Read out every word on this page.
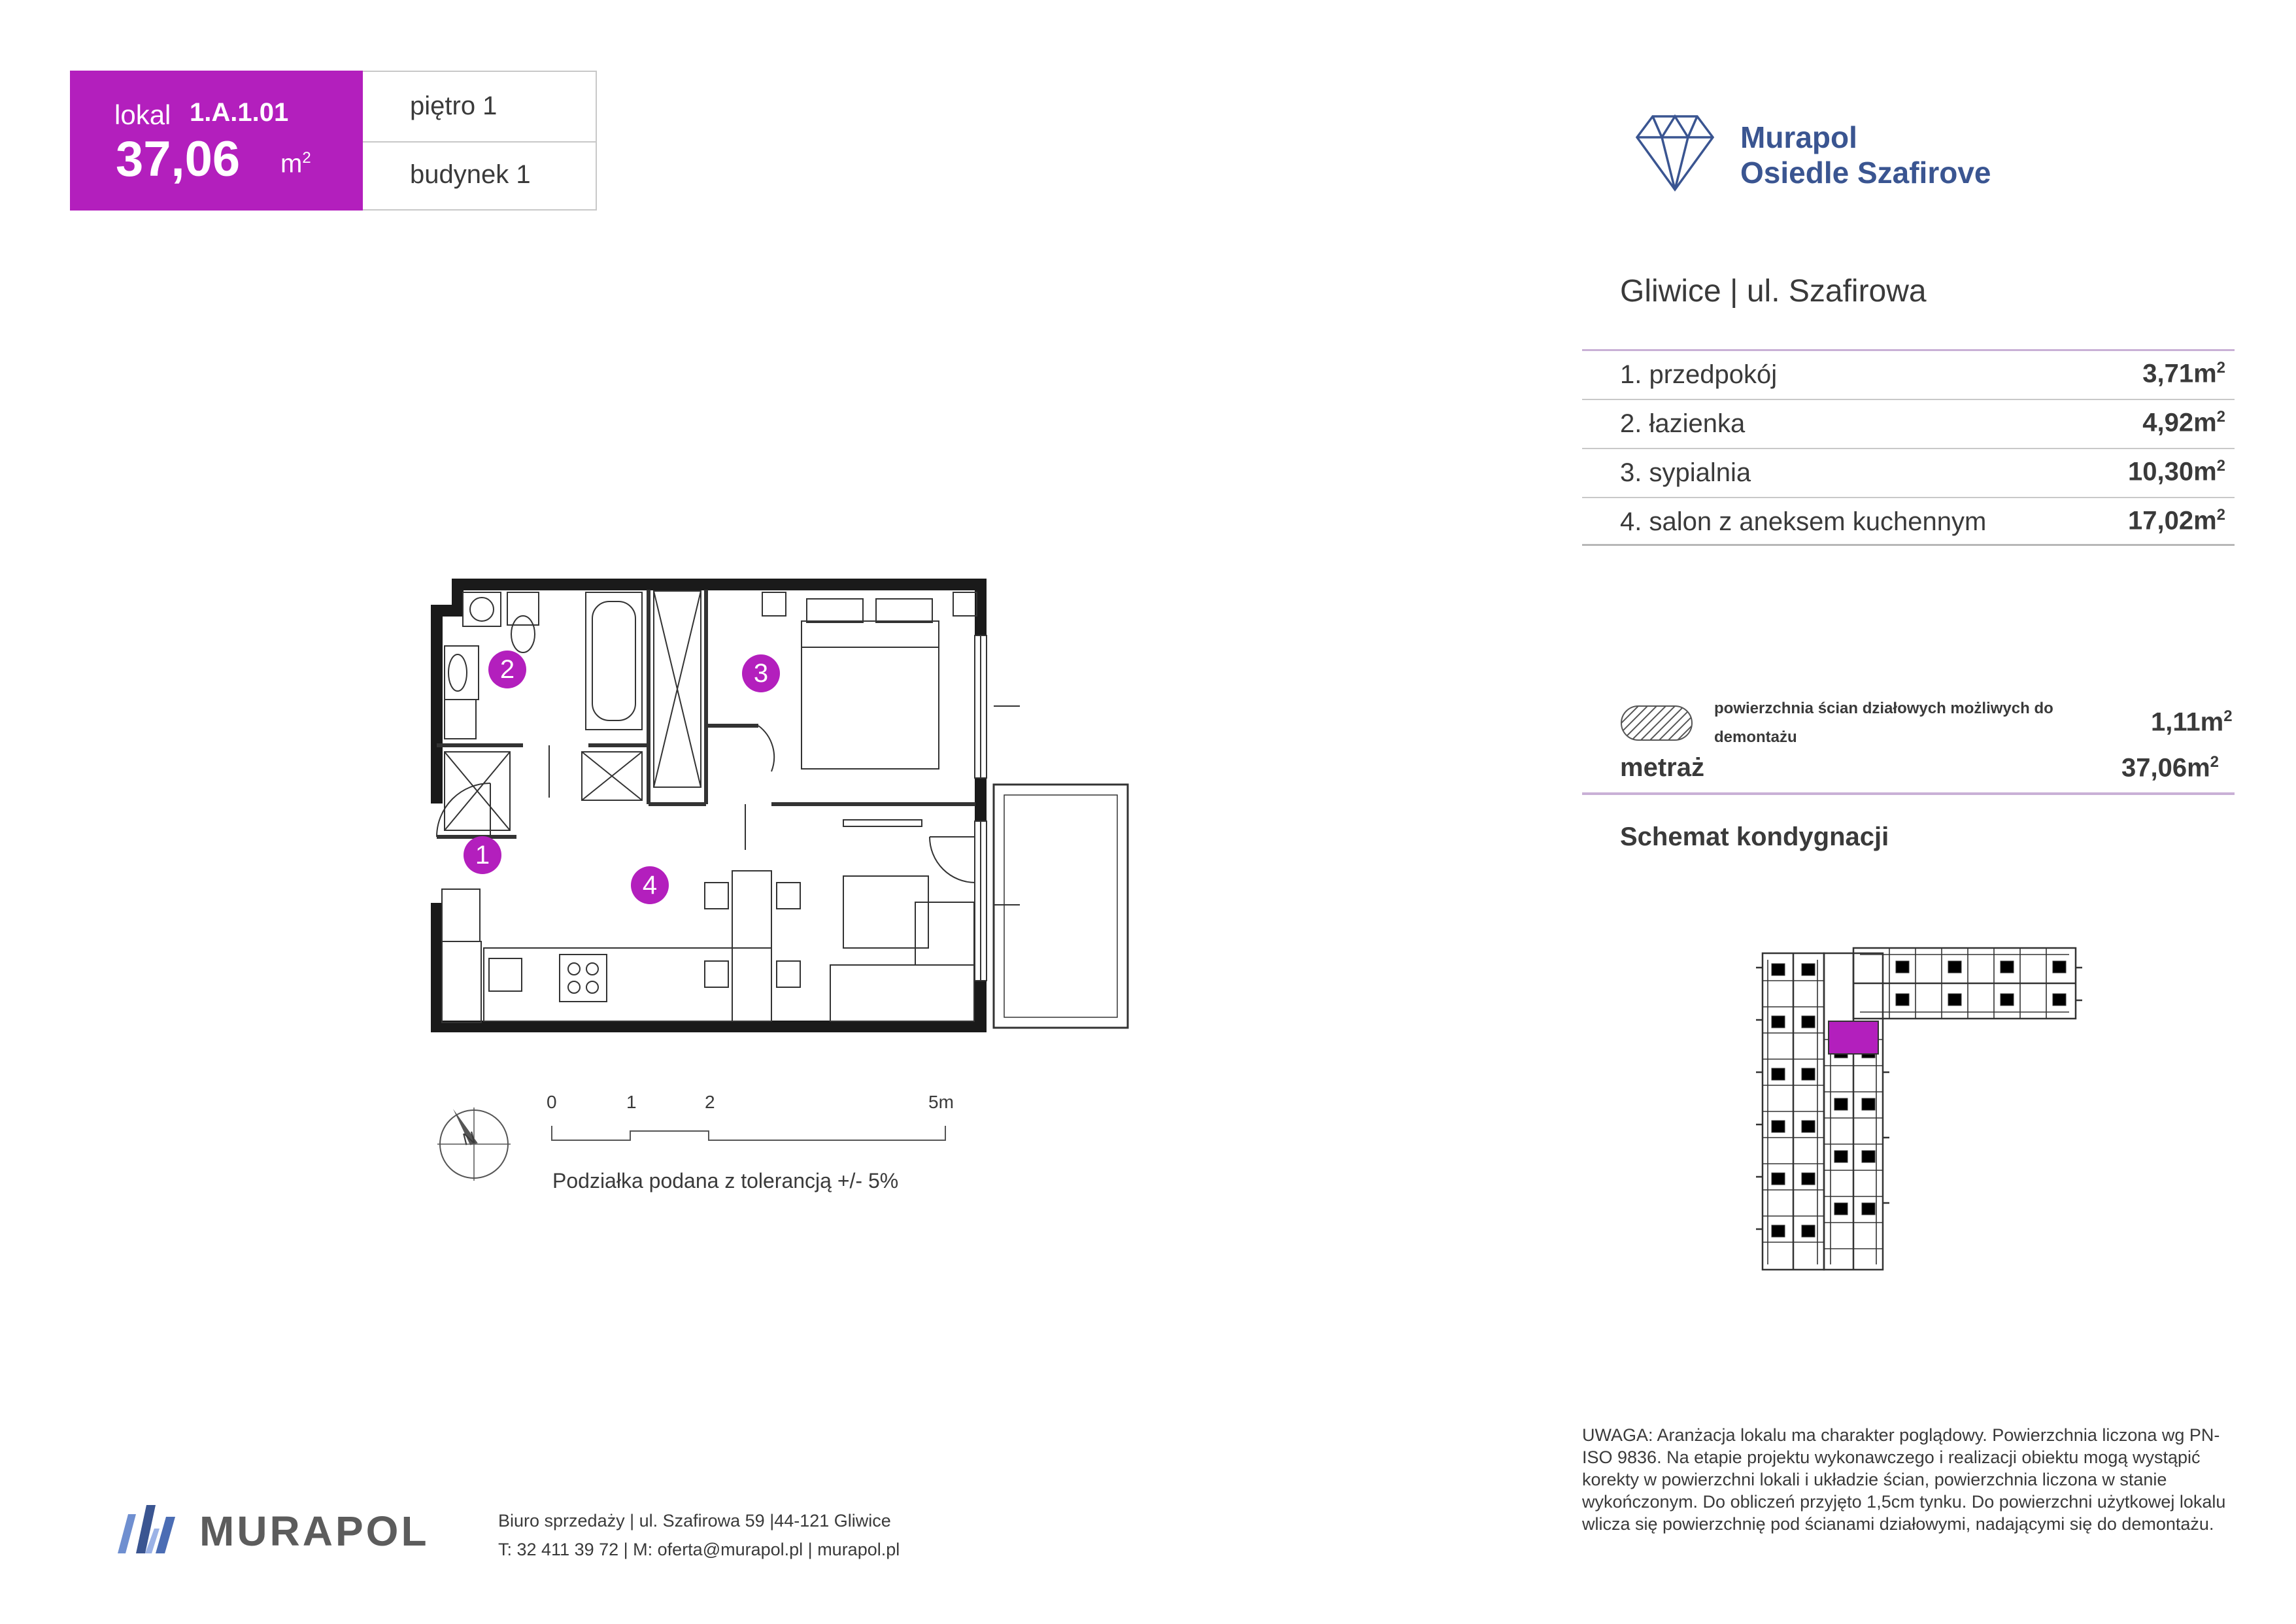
lokal 1.A.1.01
37,06 $m^2$
piętro 1
budynek 1
Murapol
Osiedle Szafirove
Gliwice | ul. Szafirowa
1. przedpokój	$3,71m^2$
2. łazienka	$4,92m^2$
3. sypialnia	$10,30m^2$
4. salon z aneksem kuchennym	$17,02m^2$
powierzchnia ścian działowych możliwych do demontażu
$1,11m^2$
metraż	$37,06m^2$
Schemat kondygnacji
1
2	3
4
N
0	1	2	5m
Podziałka podana z tolerancją +/- 5%
MURAPOL	Biuro sprzedaży | ul. Szafirowa 59 |44-121 Gliwice
T: 32 411 39 72 | M: oferta@murapol.pl | murapol.pl
UWAGA: Aranżacja lokalu ma charakter poglądowy. Powierzchnia liczona wg PN-ISO 9836. Na etapie projektu wykonawczego i realizacji obiektu mogą wystąpić korekty w powierzchni lokali i układzie ścian, powierzchnia liczona w stanie wykończonym. Do obliczeń przyjęto 1,5cm tynku. Do powierzchni użytkowej lokalu wlicza się powierzchnię pod ścianami działowymi, nadającymi się do demontażu.
